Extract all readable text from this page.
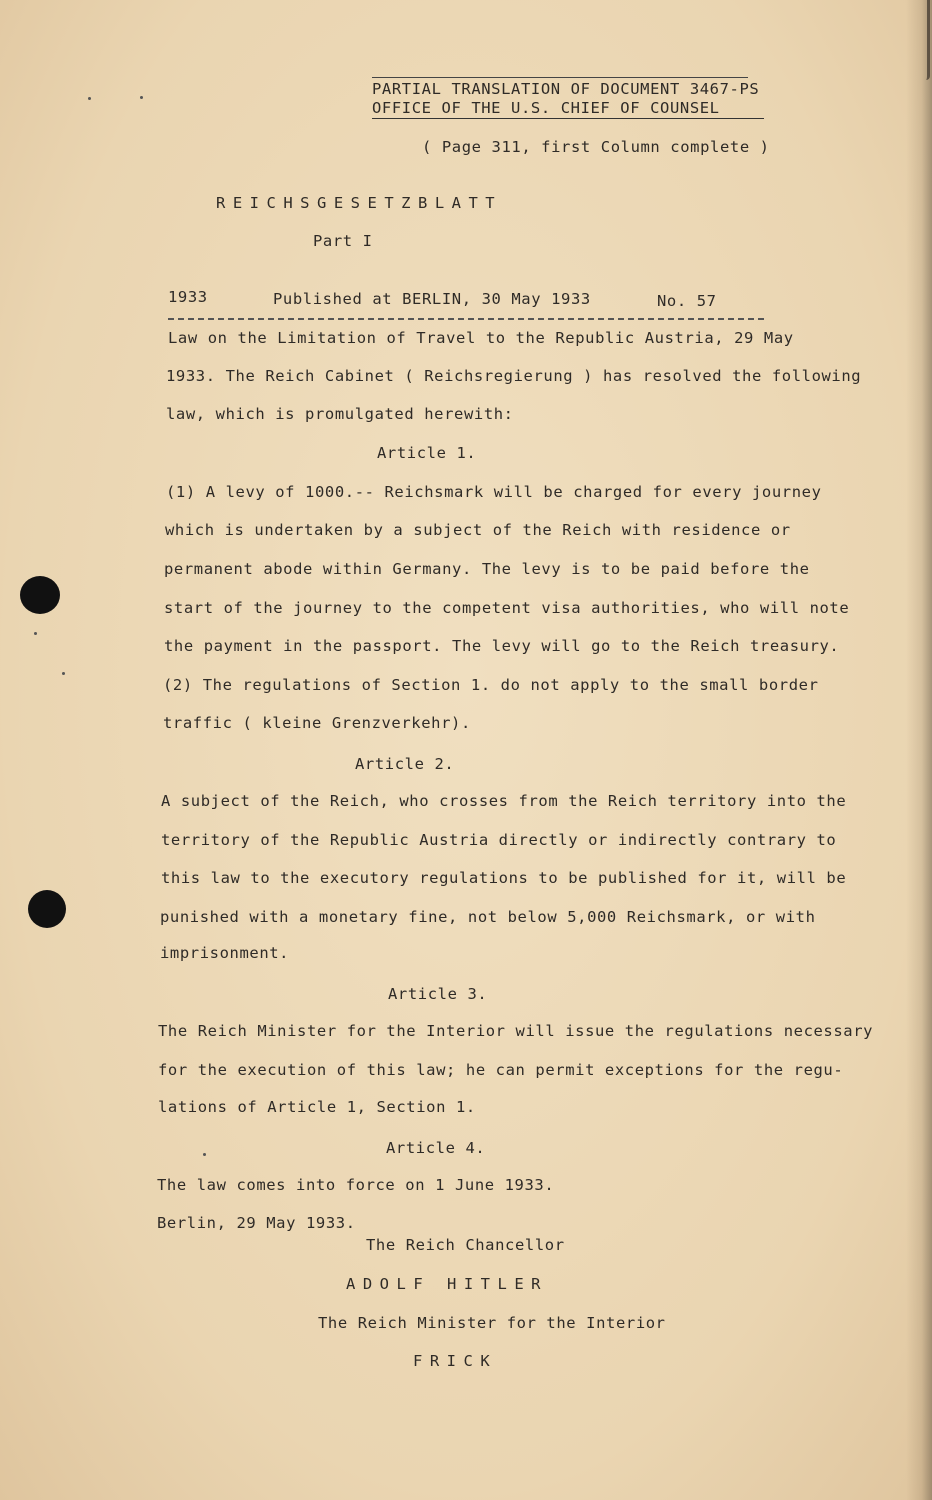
PARTIAL TRANSLATION OF DOCUMENT 3467-PS
OFFICE OF THE U.S. CHIEF OF COUNSEL
( Page 311, first Column complete )
REICHSGESETZBLATT
Part I
1933	Published at BERLIN, 30 May 1933	No. 57
Law on the Limitation of Travel to the Republic Austria, 29 May
1933. The Reich Cabinet ( Reichsregierung ) has resolved the following
law, which is promulgated herewith:
Article 1.
(1) A levy of 1000.-- Reichsmark will be charged for every journey
which is undertaken by a subject of the Reich with residence or
permanent abode within Germany. The levy is to be paid before the
start of the journey to the competent visa authorities, who will note
the payment in the passport. The levy will go to the Reich treasury.
(2) The regulations of Section 1. do not apply to the small border
traffic ( kleine Grenzverkehr).
Article 2.
A subject of the Reich, who crosses from the Reich territory into the
territory of the Republic Austria directly or indirectly contrary to
this law to the executory regulations to be published for it, will be
punished with a monetary fine, not below 5,000 Reichsmark, or with
imprisonment.
Article 3.
The Reich Minister for the Interior will issue the regulations necessary
for the execution of this law; he can permit exceptions for the regu-
lations of Article 1, Section 1.
Article 4.
The law comes into force on 1 June 1933.
Berlin, 29 May 1933.
The Reich Chancellor
ADOLF HITLER
The Reich Minister for the Interior
FRICK
